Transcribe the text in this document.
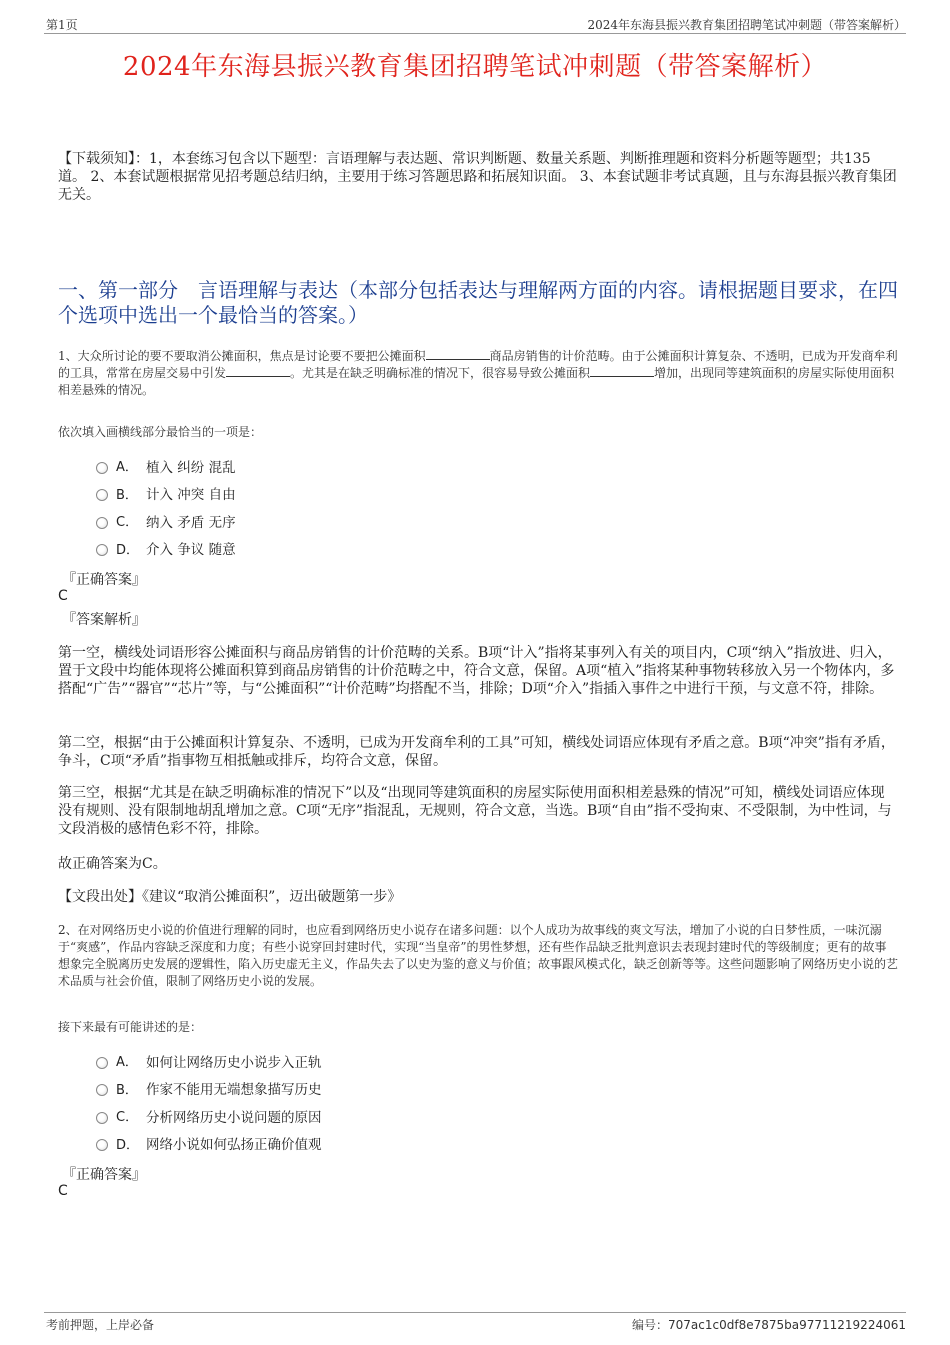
第1页	2024年东海县振兴教育集团招聘笔试冲刺题（带答案解析）
2024年东海县振兴教育集团招聘笔试冲刺题（带答案解析）
【下载须知】：1，本套练习包含以下题型：言语理解与表达题、常识判断题、数量关系题、判断推理题和资料分析题等题型；共135道。 2、本套试题根据常见招考题总结归纳，主要用于练习答题思路和拓展知识面。 3、本套试题非考试真题，且与东海县振兴教育集团无关。
一、第一部分　言语理解与表达（本部分包括表达与理解两方面的内容。请根据题目要求，在四个选项中选出一个最恰当的答案。）
1、大众所讨论的要不要取消公摊面积，焦点是讨论要不要把公摊面积	商品房销售的计价范畴。由于公摊面积计算复杂、不透明，已成为开发商牟利的工具，常常在房屋交易中引发	。尤其是在缺乏明确标准的情况下，很容易导致公摊面积	增加，出现同等建筑面积的房屋实际使用面积相差悬殊的情况。
依次填入画横线部分最恰当的一项是：
A． 植入 纠纷 混乱
B． 计入 冲突 自由
C． 纳入 矛盾 无序
D． 介入 争议 随意
『正确答案』
C
『答案解析』
第一空，横线处词语形容公摊面积与商品房销售的计价范畴的关系。B项“计入”指将某事列入有关的项目内，C项“纳入”指放进、归入，置于文段中均能体现将公摊面积算到商品房销售的计价范畴之中，符合文意，保留。A项“植入”指将某种事物转移放入另一个物体内，多搭配“广告”“器官”“芯片”等，与“公摊面积”“计价范畴”均搭配不当，排除；D项“介入”指插入事件之中进行干预，与文意不符，排除。
第二空，根据“由于公摊面积计算复杂、不透明，已成为开发商牟利的工具”可知，横线处词语应体现有矛盾之意。B项“冲突”指有矛盾，争斗，C项“矛盾”指事物互相抵触或排斥，均符合文意，保留。
第三空，根据“尤其是在缺乏明确标准的情况下”以及“出现同等建筑面积的房屋实际使用面积相差悬殊的情况”可知，横线处词语应体现没有规则、没有限制地胡乱增加之意。C项“无序”指混乱，无规则，符合文意，当选。B项“自由”指不受拘束、不受限制，为中性词，与文段消极的感情色彩不符，排除。
故正确答案为C。
【文段出处】《建议“取消公摊面积”，迈出破题第一步》
2、在对网络历史小说的价值进行理解的同时，也应看到网络历史小说存在诸多问题：以个人成功为故事线的爽文写法，增加了小说的白日梦性质，一味沉溺于“爽感”，作品内容缺乏深度和力度；有些小说穿回封建时代，实现“当皇帝”的男性梦想，还有些作品缺乏批判意识去表现封建时代的等级制度；更有的故事想象完全脱离历史发展的逻辑性，陷入历史虚无主义，作品失去了以史为鉴的意义与价值；故事跟风模式化，缺乏创新等等。这些问题影响了网络历史小说的艺术品质与社会价值，限制了网络历史小说的发展。
接下来最有可能讲述的是：
A． 如何让网络历史小说步入正轨
B． 作家不能用无端想象描写历史
C． 分析网络历史小说问题的原因
D． 网络小说如何弘扬正确价值观
『正确答案』
C
考前押题，上岸必备	编号：707ac1c0df8e7875ba97711219224061
